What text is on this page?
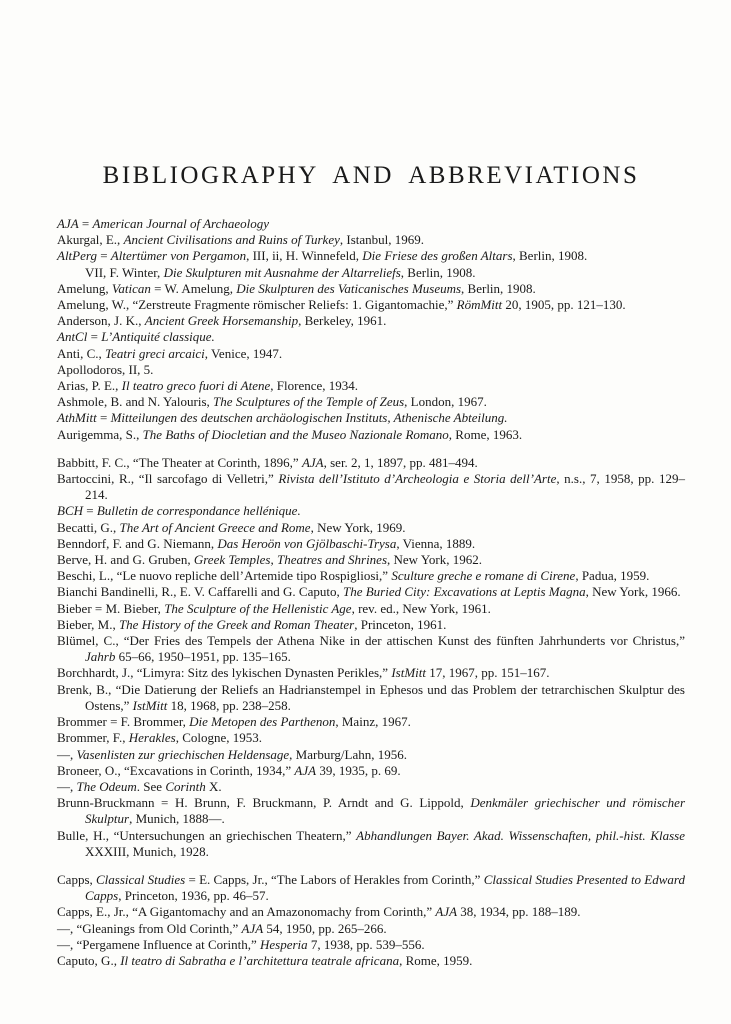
BIBLIOGRAPHY AND ABBREVIATIONS

AJA = American Journal of Archaeology

Akurgal, E., Ancient Civilisations and Ruins of Turkey, Istanbul, 1969.

AltPerg = Altertümer von Pergamon, III, ii, H. Winnefeld, Die Friese des großen Altars, Berlin, 1908.

VII, F. Winter, Die Skulpturen mit Ausnahme der Altarreliefs, Berlin, 1908.

Amelung, Vatican = W. Amelung, Die Skulpturen des Vaticanisches Museums, Berlin, 1908.

Amelung, W., “Zerstreute Fragmente römischer Reliefs: 1. Gigantomachie,” RömMitt 20, 1905, pp. 121–130.

Anderson, J. K., Ancient Greek Horsemanship, Berkeley, 1961.

AntCl = L’Antiquité classique.

Anti, C., Teatri greci arcaici, Venice, 1947.

Apollodoros, II, 5.

Arias, P. E., Il teatro greco fuori di Atene, Florence, 1934.

Ashmole, B. and N. Yalouris, The Sculptures of the Temple of Zeus, London, 1967.

AthMitt = Mitteilungen des deutschen archäologischen Instituts, Athenische Abteilung.

Aurigemma, S., The Baths of Diocletian and the Museo Nazionale Romano, Rome, 1963.

Babbitt, F. C., “The Theater at Corinth, 1896,” AJA, ser. 2, 1, 1897, pp. 481–494.

Bartoccini, R., “Il sarcofago di Velletri,” Rivista dell’Istituto d’Archeologia e Storia dell’Arte, n.s., 7, 1958, pp. 129–214.

BCH = Bulletin de correspondance hellénique.

Becatti, G., The Art of Ancient Greece and Rome, New York, 1969.

Benndorf, F. and G. Niemann, Das Heroön von Gjölbaschi-Trysa, Vienna, 1889.

Berve, H. and G. Gruben, Greek Temples, Theatres and Shrines, New York, 1962.

Beschi, L., “Le nuovo repliche dell’Artemide tipo Rospigliosi,” Sculture greche e romane di Cirene, Padua, 1959.

Bianchi Bandinelli, R., E. V. Caffarelli and G. Caputo, The Buried City: Excavations at Leptis Magna, New York, 1966.

Bieber = M. Bieber, The Sculpture of the Hellenistic Age, rev. ed., New York, 1961.

Bieber, M., The History of the Greek and Roman Theater, Princeton, 1961.

Blümel, C., “Der Fries des Tempels der Athena Nike in der attischen Kunst des fünften Jahrhunderts vor Christus,” Jahrb 65–66, 1950–1951, pp. 135–165.

Borchhardt, J., “Limyra: Sitz des lykischen Dynasten Perikles,” IstMitt 17, 1967, pp. 151–167.

Brenk, B., “Die Datierung der Reliefs an Hadrianstempel in Ephesos und das Problem der tetrarchischen Skulptur des Ostens,” IstMitt 18, 1968, pp. 238–258.

Brommer = F. Brommer, Die Metopen des Parthenon, Mainz, 1967.

Brommer, F., Herakles, Cologne, 1953.

—, Vasenlisten zur griechischen Heldensage, Marburg/Lahn, 1956.

Broneer, O., “Excavations in Corinth, 1934,” AJA 39, 1935, p. 69.

—, The Odeum. See Corinth X.

Brunn-Bruckmann = H. Brunn, F. Bruckmann, P. Arndt and G. Lippold, Denkmäler griechischer und römischer Skulptur, Munich, 1888—.

Bulle, H., “Untersuchungen an griechischen Theatern,” Abhandlungen Bayer. Akad. Wissenschaften, phil.-hist. Klasse XXXIII, Munich, 1928.

Capps, Classical Studies = E. Capps, Jr., “The Labors of Herakles from Corinth,” Classical Studies Presented to Edward Capps, Princeton, 1936, pp. 46–57.

Capps, E., Jr., “A Gigantomachy and an Amazonomachy from Corinth,” AJA 38, 1934, pp. 188–189.

—, “Gleanings from Old Corinth,” AJA 54, 1950, pp. 265–266.

—, “Pergamene Influence at Corinth,” Hesperia 7, 1938, pp. 539–556.

Caputo, G., Il teatro di Sabratha e l’architettura teatrale africana, Rome, 1959.
